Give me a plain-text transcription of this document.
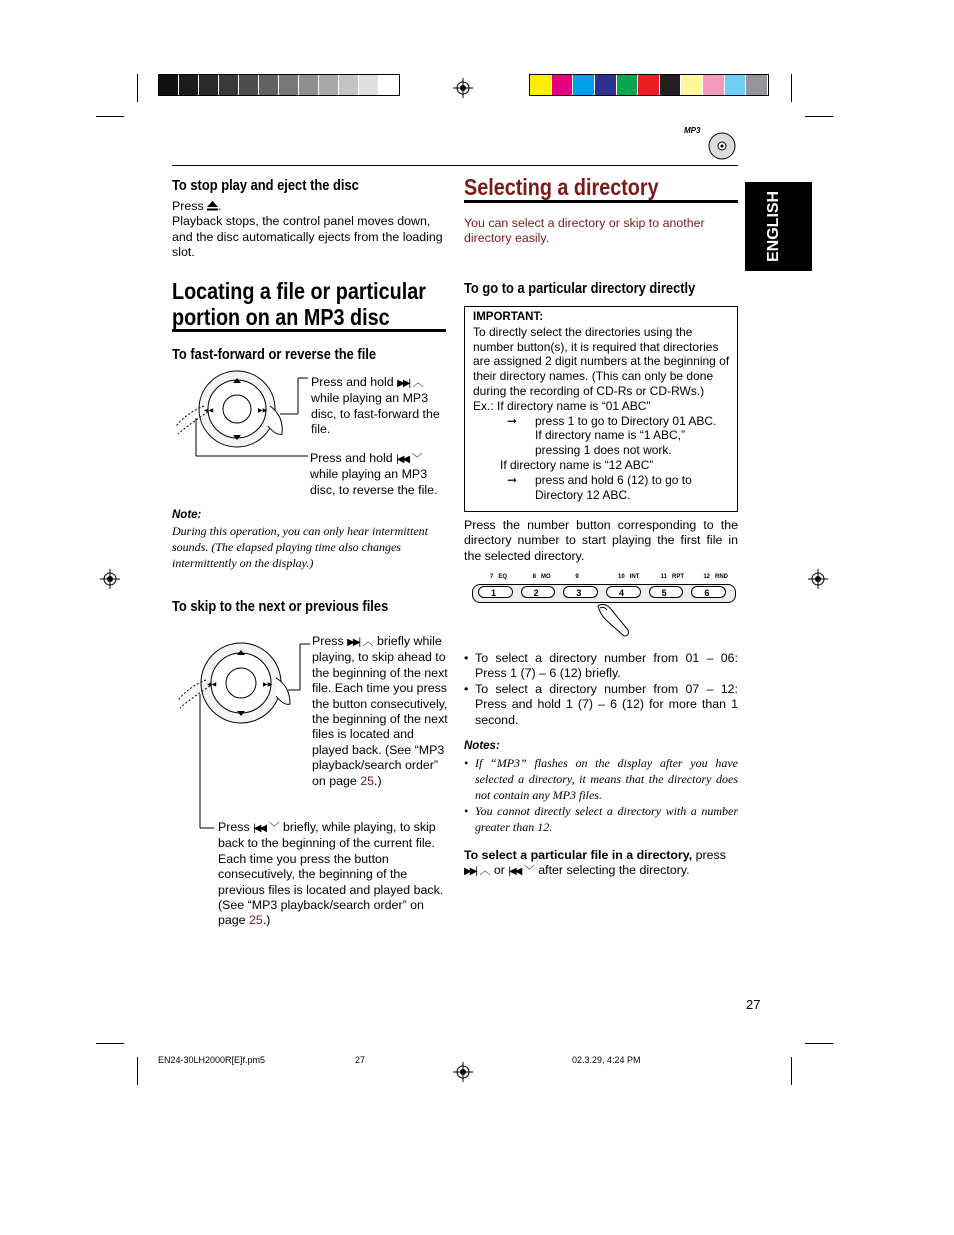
MP3
ENGLISH
To stop play and eject the disc
Press .
Playback stops, the control panel moves down, and the disc automatically ejects from the loading slot.
Locating a file or particular
portion on an MP3 disc
To fast-forward or reverse the file
◀◀	▶▶
Press and hold ▶▶| ︿ while playing an MP3 disc, to fast-forward the file.
Press and hold |◀◀ ﹀ while playing an MP3 disc, to reverse the file.
Note:
During this operation, you can only hear intermittent sounds. (The elapsed playing time also changes intermittently on the display.)
To skip to the next or previous files
◀◀	▶▶
Press ▶▶| ︿ briefly while playing, to skip ahead to the beginning of the next file. Each time you press the button consecutively, the beginning of the next files is located and played back. (See “MP3 playback/search order” on page 25.)
Press |◀◀ ﹀ briefly, while playing, to skip back to the beginning of the current file. Each time you press the button consecutively, the beginning of the previous files is located and played back. (See “MP3 playback/search order” on page 25.)
Selecting a directory
You can select a directory or skip to another directory easily.
To go to a particular directory directly
IMPORTANT:
To directly select the directories using the number button(s), it is required that directories are assigned 2 digit numbers at the beginning of their directory names. (This can only be done during the recording of CD-Rs or CD-RWs.)
Ex.: If directory name is “01 ABC”
➞	press 1 to go to Directory 01 ABC.
If directory name is “1 ABC,” pressing 1 does not work.
If directory name is “12 ABC”
➞	press and hold 6 (12) to go to Directory 12 ABC.
Press the number button corresponding to the directory number to start playing the first file in the selected directory.
7 EQ	8 MO	9	10 INT	11 RPT	12 RND
1	2	3	4	5	6
• To select a directory number from 01 – 06: Press 1 (7) – 6 (12) briefly.
• To select a directory number from 07 – 12: Press and hold 1 (7) – 6 (12) for more than 1 second.
Notes:
• If “MP3” flashes on the display after you have selected a directory, it means that the directory does not contain any MP3 files.
• You cannot directly select a directory with a number greater than 12.
To select a particular file in a directory, press
▶▶| ︿ or |◀◀ ﹀ after selecting the directory.
27
EN24-30LH2000R[E]f.pm5	27	02.3.29, 4:24 PM
